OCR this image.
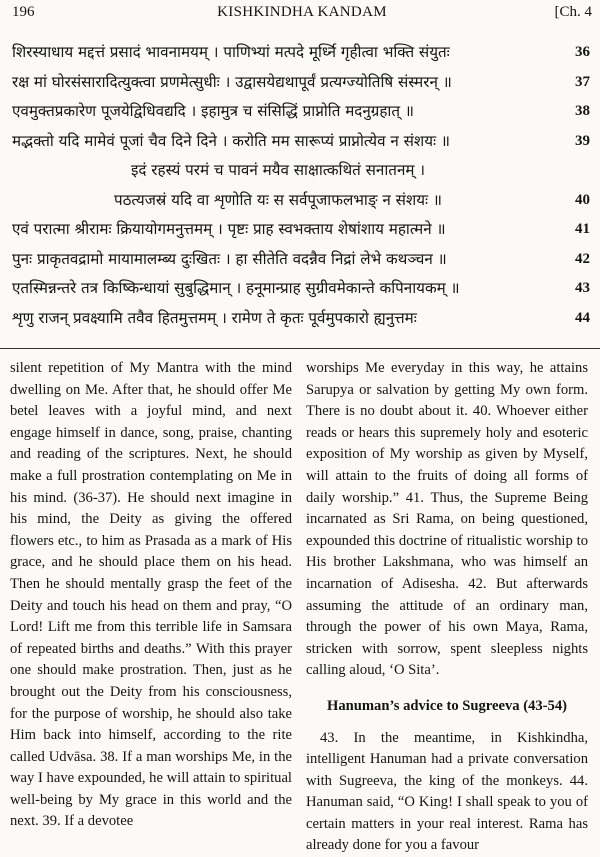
196	KISHKINDHA KANDAM	[Ch. 4
शिरस्याधाय मद्दत्तं प्रसादं भावनामयम् । पाणिभ्यां मत्पदे मूर्ध्नि गृहीत्वा भक्ति संयुतः	36
रक्ष मां घोरसंसारादित्युक्त्वा प्रणमेत्सुधीः । उद्वासयेद्यथापूर्वं प्रत्यग्ज्योतिषि संस्मरन् ॥	37
एवमुक्तप्रकारेण पूजयेद्विधिवद्यदि । इहामुत्र च संसिद्धिं प्राप्नोति मदनुग्रहात् ॥	38
मद्भक्तो यदि मामेवं पूजां चैव दिने दिने । करोति मम सारूप्यं प्राप्नोत्येव न संशयः ॥	39
इदं रहस्यं परमं च पावनं मयैव साक्षात्कथितं सनातनम् ।
पठत्यजस्रं यदि वा शृणोति यः स सर्वपूजाफलभाङ् न संशयः ॥	40
एवं परात्मा श्रीरामः क्रियायोगमनुत्तमम् । पृष्टः प्राह स्वभक्ताय शेषांशाय महात्मने ॥	41
पुनः प्राकृतवद्रामो मायामालम्ब्य दुःखितः । हा सीतेति वदन्नैव निद्रां लेभे कथञ्चन ॥	42
एतस्मिन्नन्तरे तत्र किष्किन्धायां सुबुद्धिमान् । हनूमान्प्राह सुग्रीवमेकान्ते कपिनायकम् ॥	43
शृणु राजन् प्रवक्ष्यामि तवैव हितमुत्तमम् । रामेण ते कृतः पूर्वमुपकारो ह्यनुत्तमः	44

silent repetition of My Mantra with the mind dwelling on Me. After that, he should offer Me betel leaves with a joyful mind, and next engage himself in dance, song, praise, chanting and reading of the scriptures. Next, he should make a full prostration contemplating on Me in his mind. (36-37). He should next imagine in his mind, the Deity as giving the offered flowers etc., to him as Prasada as a mark of His grace, and he should place them on his head. Then he should mentally grasp the feet of the Deity and touch his head on them and pray, “O Lord! Lift me from this terrible life in Samsara of repeated births and deaths.” With this prayer one should make prostration. Then, just as he brought out the Deity from his consciousness, for the purpose of worship, he should also take Him back into himself, according to the rite called Udvāsa. 38. If a man worships Me, in the way I have expounded, he will attain to spiritual well-being by My grace in this world and the next. 39. If a devotee

worships Me everyday in this way, he attains Sarupya or salvation by getting My own form. There is no doubt about it. 40. Whoever either reads or hears this supremely holy and esoteric exposition of My worship as given by Myself, will attain to the fruits of doing all forms of daily worship.” 41. Thus, the Supreme Being incarnated as Sri Rama, on being questioned, expounded this doctrine of ritualistic worship to His brother Lakshmana, who was himself an incarnation of Adisesha. 42. But afterwards assuming the attitude of an ordinary man, through the power of his own Maya, Rama, stricken with sorrow, spent sleepless nights calling aloud, ‘O Sita’.

Hanuman’s advice to Sugreeva (43-54)

43. In the meantime, in Kishkindha, intelligent Hanuman had a private conversation with Sugreeva, the king of the monkeys. 44. Hanuman said, “O King! I shall speak to you of certain matters in your real interest. Rama has already done for you a favour
